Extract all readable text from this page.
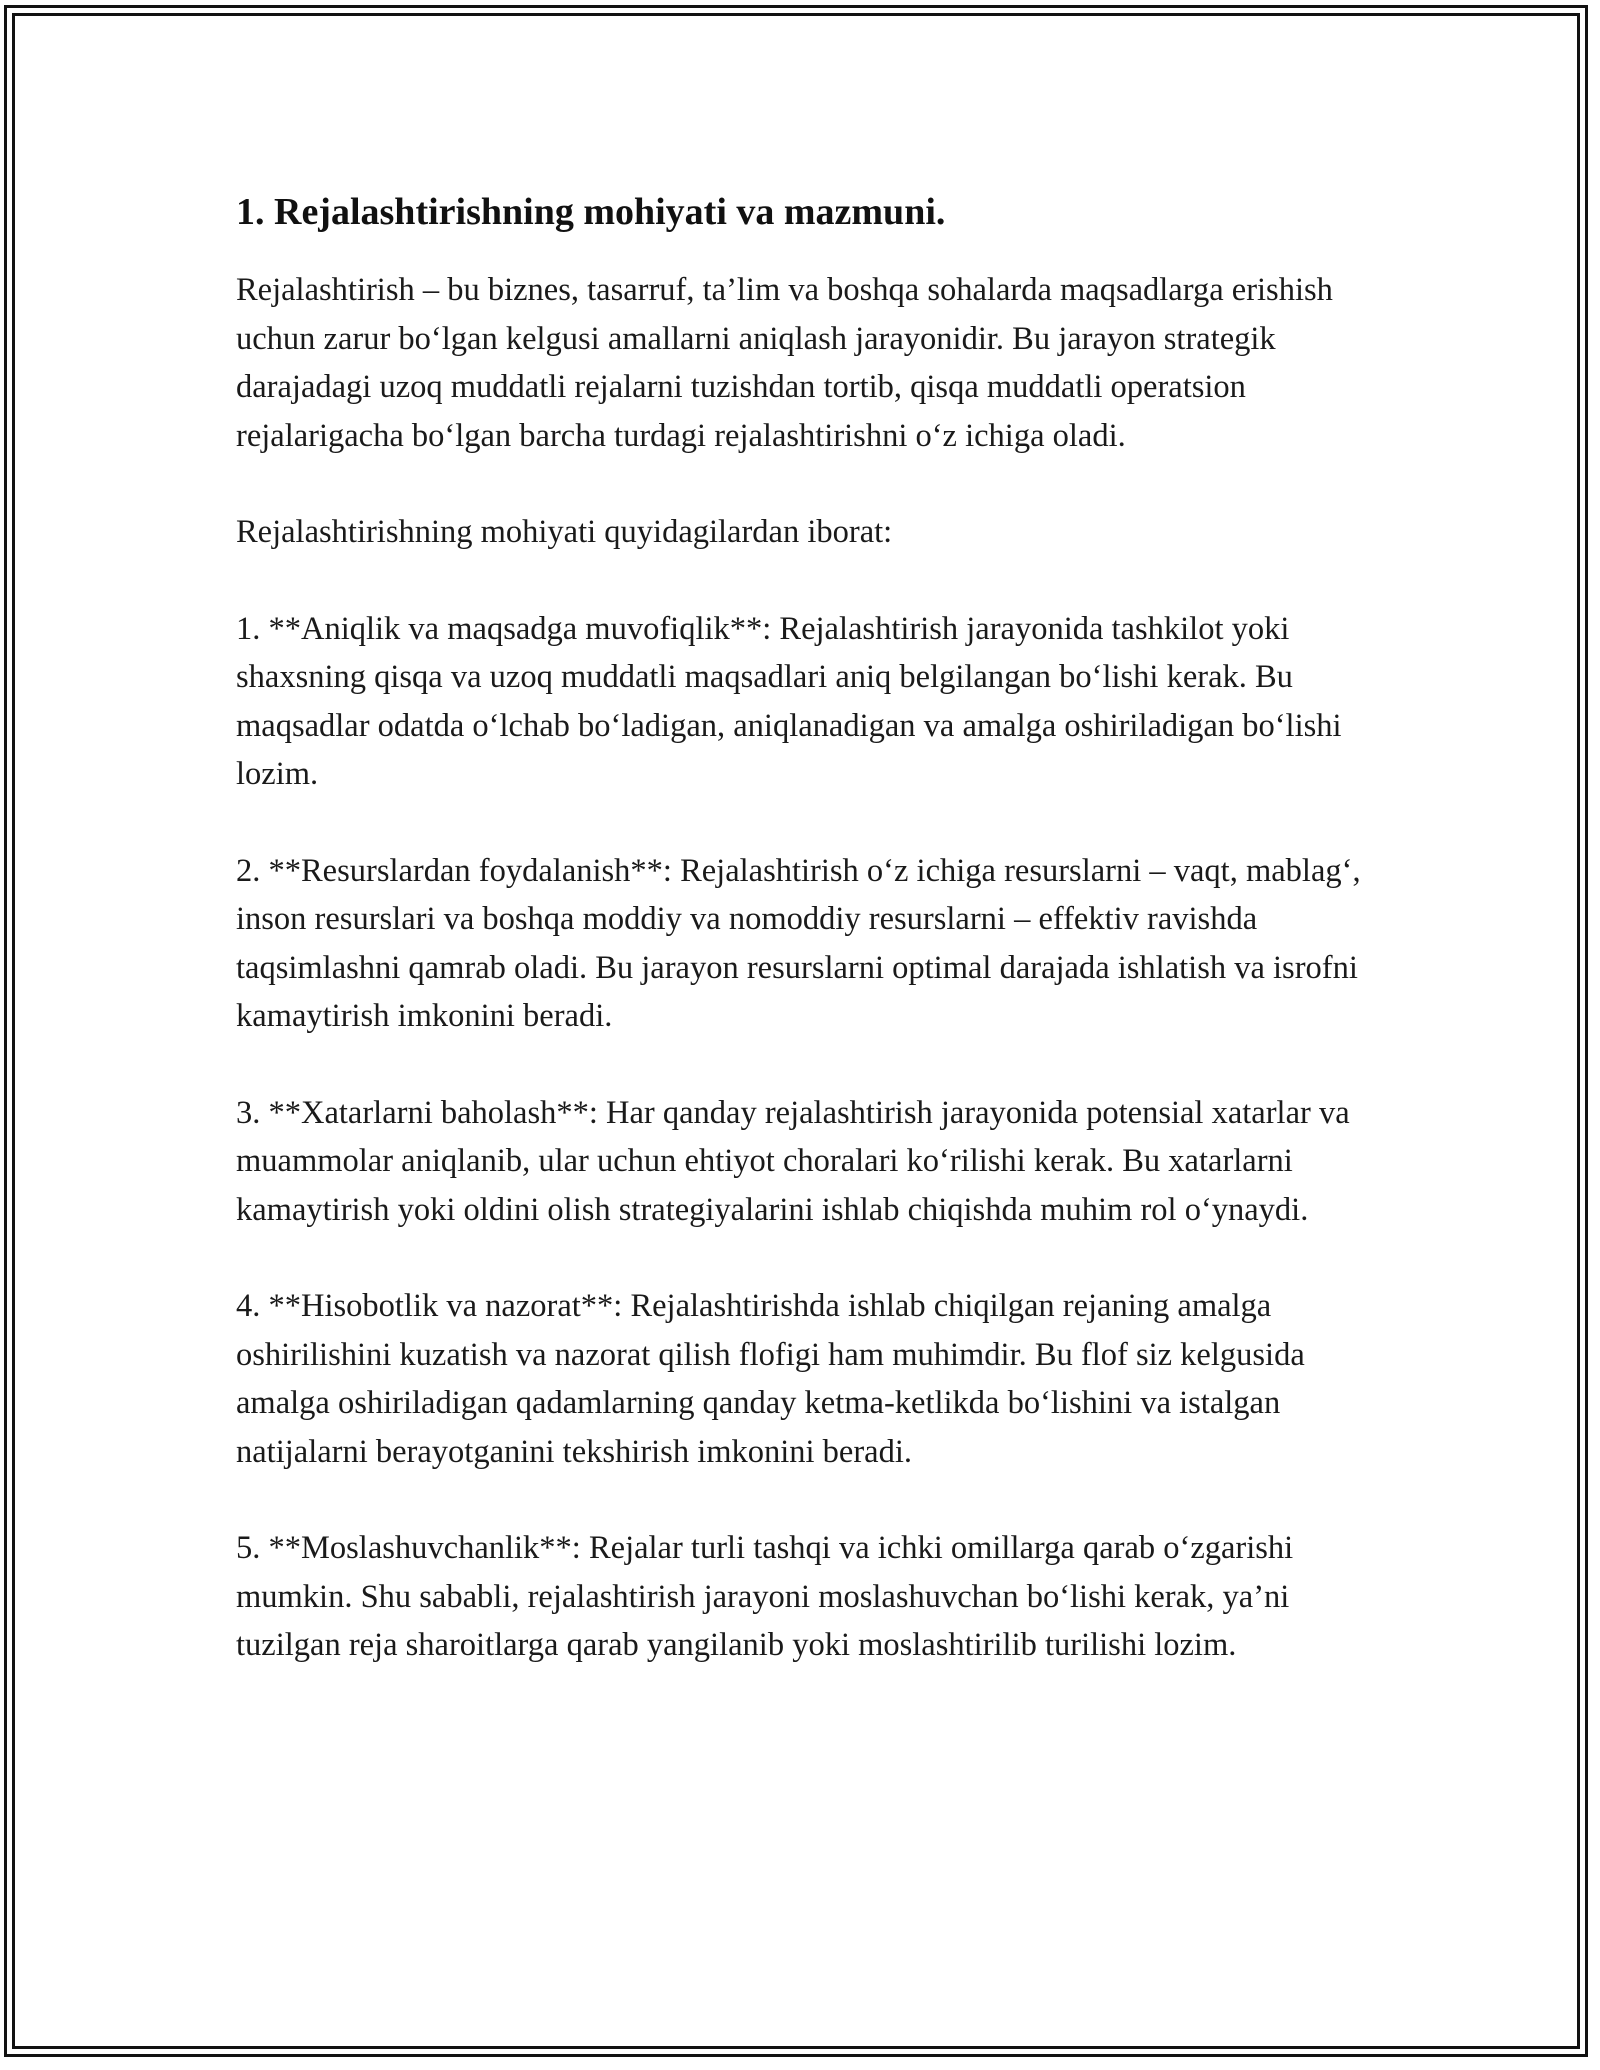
1. Rejalashtirishning mohiyati va mazmuni.

Rejalashtirish – bu biznes, tasarruf, ta’lim va boshqa sohalarda maqsadlarga erishish uchun zarur bo‘lgan kelgusi amallarni aniqlash jarayonidir. Bu jarayon strategik darajadagi uzoq muddatli rejalarni tuzishdan tortib, qisqa muddatli operatsion rejalarigacha bo‘lgan barcha turdagi rejalashtirishni o‘z ichiga oladi.

Rejalashtirishning mohiyati quyidagilardan iborat:

1. **Aniqlik va maqsadga muvofiqlik**: Rejalashtirish jarayonida tashkilot yoki shaxsning qisqa va uzoq muddatli maqsadlari aniq belgilangan bo‘lishi kerak. Bu maqsadlar odatda o‘lchab bo‘ladigan, aniqlanadigan va amalga oshiriladigan bo‘lishi lozim.

2. **Resurslardan foydalanish**: Rejalashtirish o‘z ichiga resurslarni – vaqt, mablag‘, inson resurslari va boshqa moddiy va nomoddiy resurslarni – effektiv ravishda taqsimlashni qamrab oladi. Bu jarayon resurslarni optimal darajada ishlatish va isrofni kamaytirish imkonini beradi.

3. **Xatarlarni baholash**: Har qanday rejalashtirish jarayonida potensial xatarlar va muammolar aniqlanib, ular uchun ehtiyot choralari ko‘rilishi kerak. Bu xatarlarni kamaytirish yoki oldini olish strategiyalarini ishlab chiqishda muhim rol o‘ynaydi.

4. **Hisobotlik va nazorat**: Rejalashtirishda ishlab chiqilgan rejaning amalga oshirilishini kuzatish va nazorat qilish flofigi ham muhimdir. Bu flof siz kelgusida amalga oshiriladigan qadamlarning qanday ketma-ketlikda bo‘lishini va istalgan natijalarni berayotganini tekshirish imkonini beradi.

5. **Moslashuvchanlik**: Rejalar turli tashqi va ichki omillarga qarab o‘zgarishi mumkin. Shu sababli, rejalashtirish jarayoni moslashuvchan bo‘lishi kerak, ya’ni tuzilgan reja sharoitlarga qarab yangilanib yoki moslashtirilib turilishi lozim.
